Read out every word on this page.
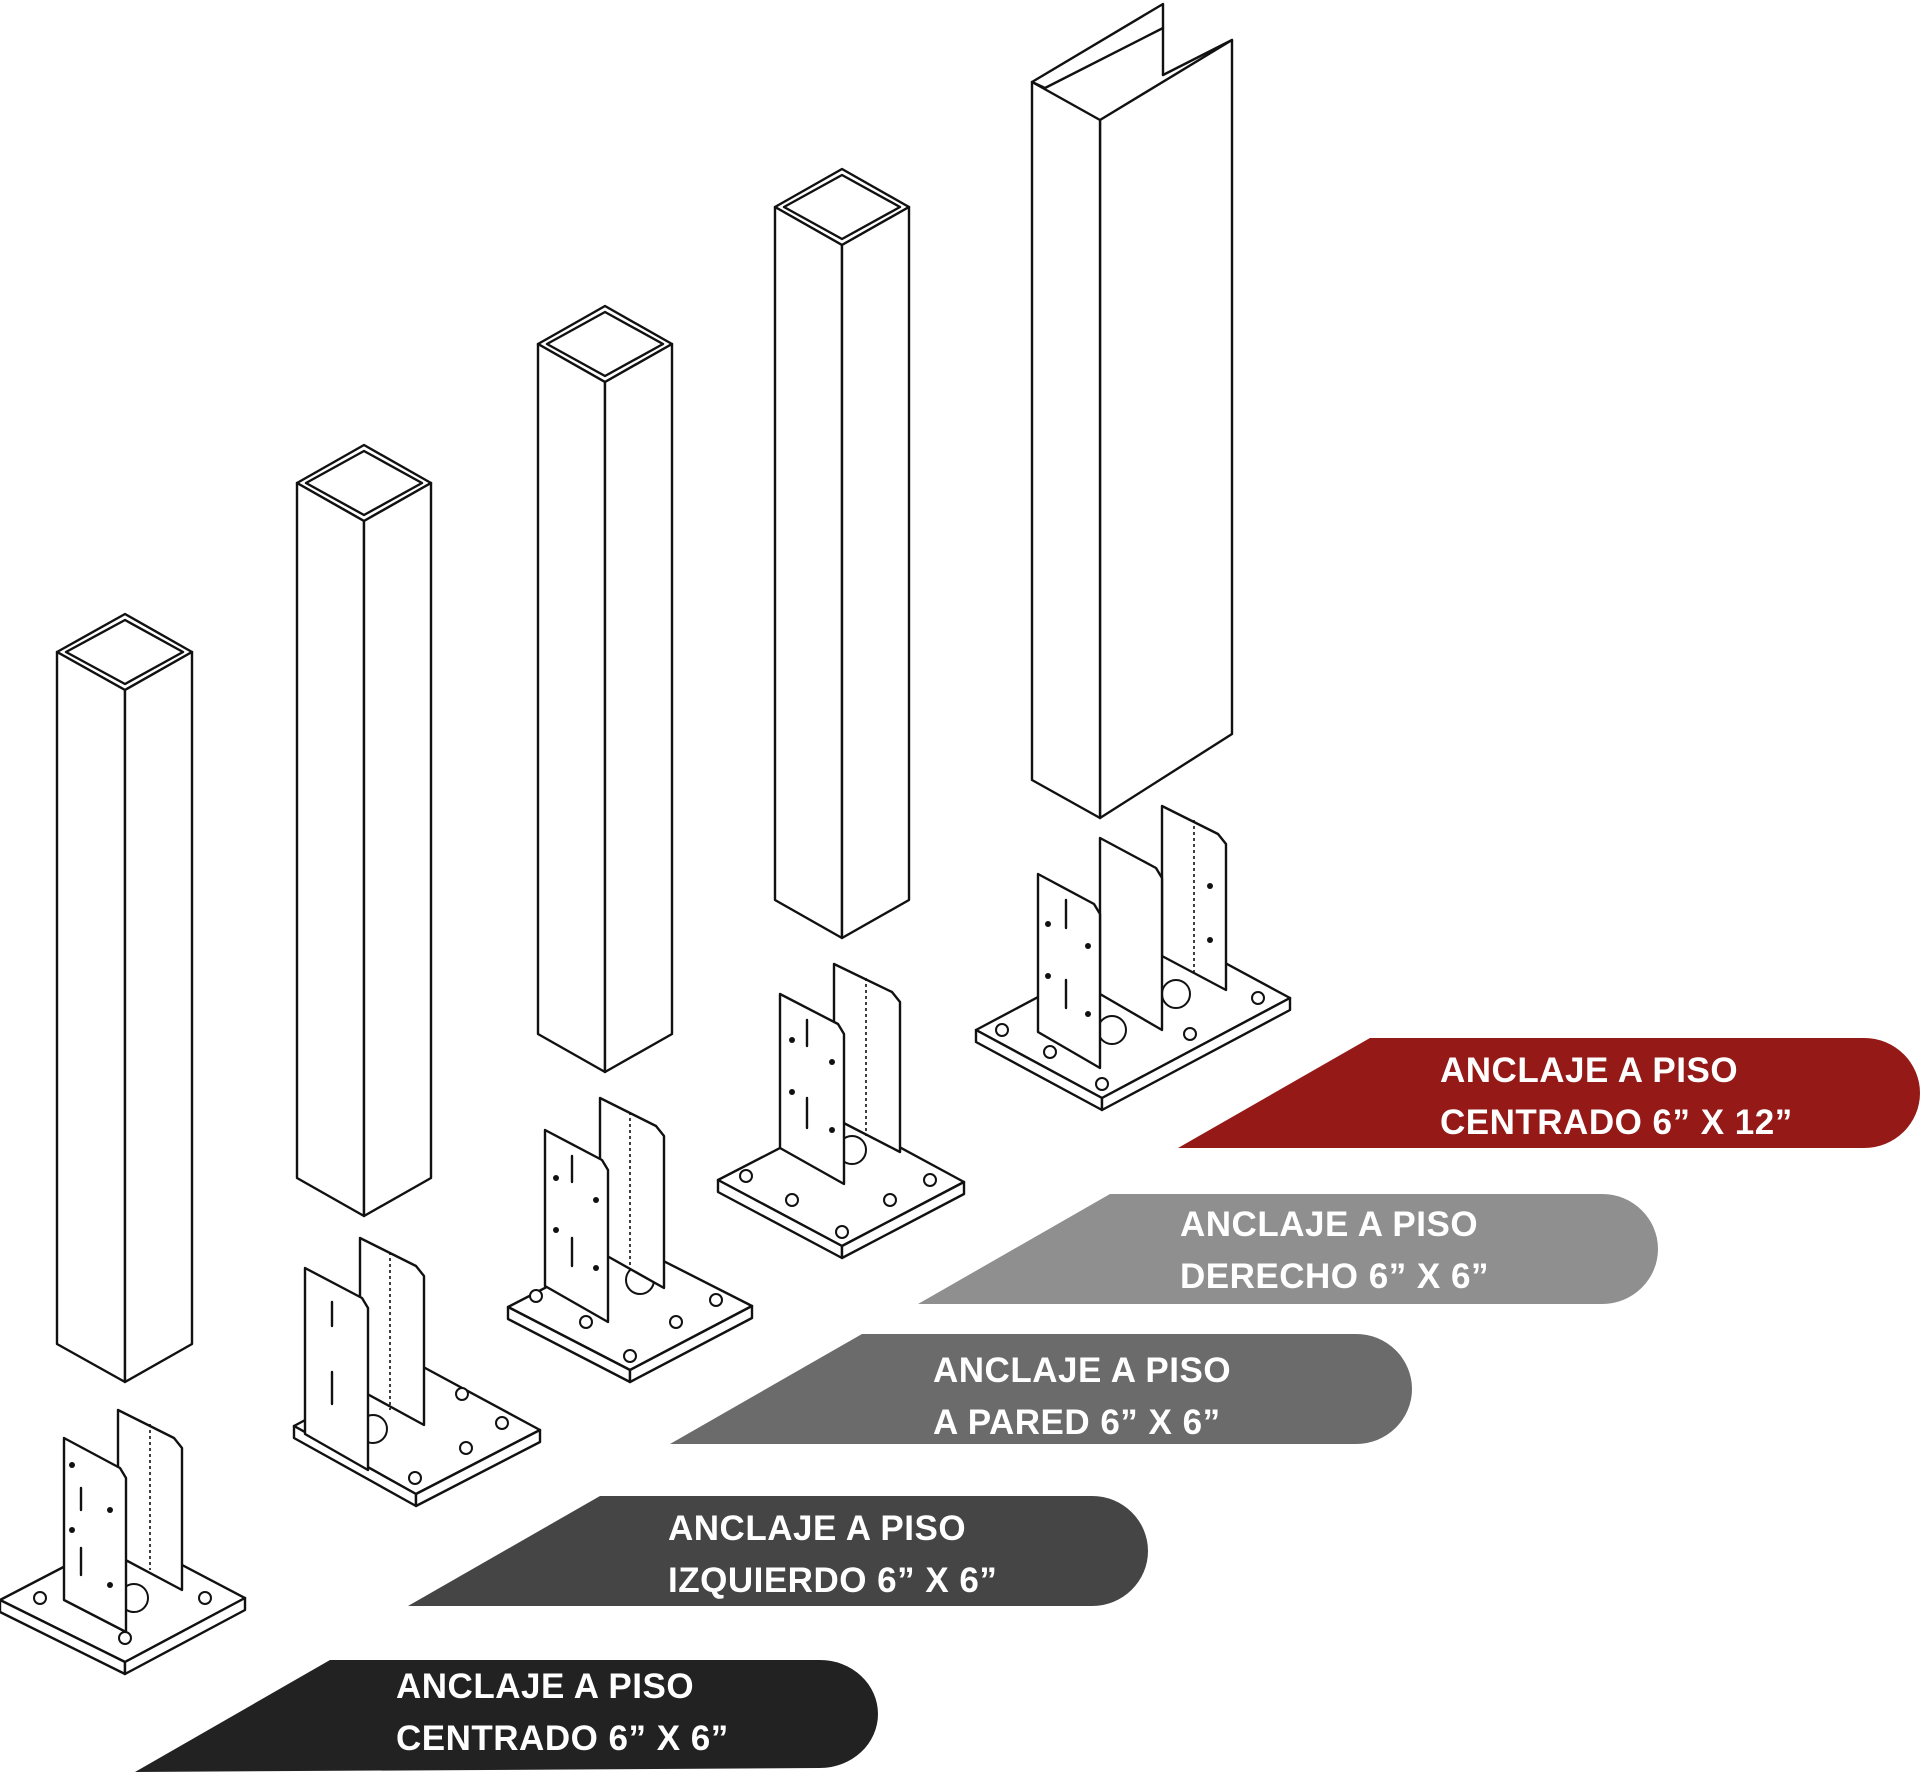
ANCLAJE A PISO
CENTRADO 6” X 6”
ANCLAJE A PISO
IZQUIERDO 6” X 6”
ANCLAJE A PISO
A PARED 6” X 6”
ANCLAJE A PISO
DERECHO 6” X 6”
ANCLAJE A PISO
CENTRADO 6” X 12”
